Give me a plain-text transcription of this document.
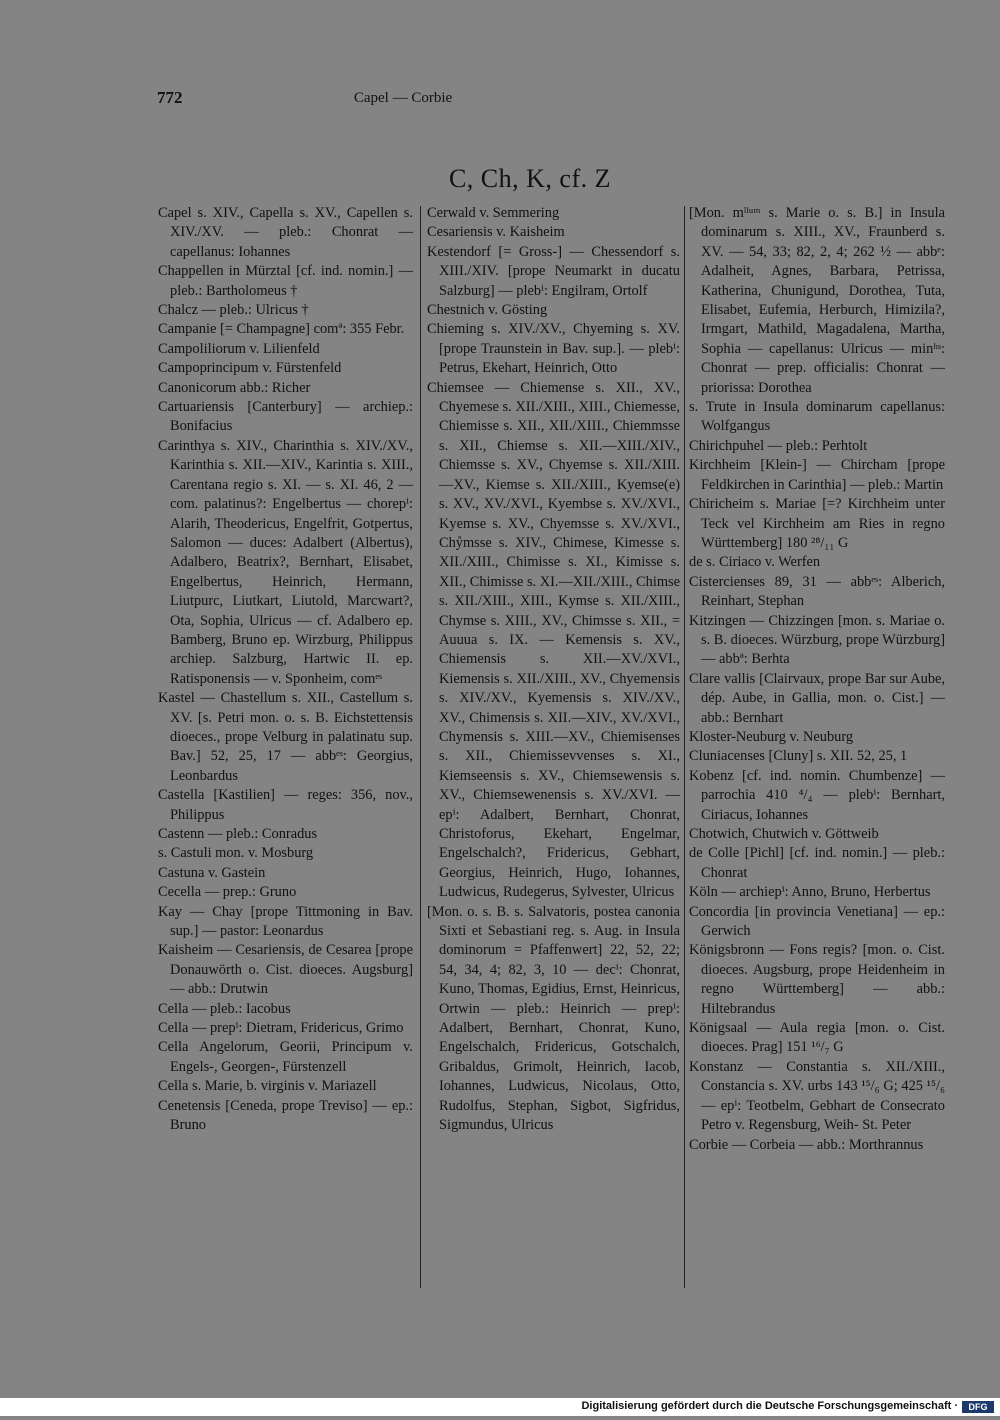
772	Capel — Corbie
C, Ch, K, cf. Z

Capel s. XIV., Capella s. XV., Capellen s. XIV./XV. — pleb.: Chonrat — capellanus: Iohannes

Chappellen in Mürztal [cf. ind. nomin.] — pleb.: Bartholomeus †

Chalcz — pleb.: Ulricus †

Campanie [= Champagne] comª: 355 Febr.

Campoliliorum v. Lilienfeld

Campoprincipum v. Fürstenfeld

Canonicorum abb.: Richer

Cartuariensis [Canterbury] — archiep.: Bonifacius

Carinthya s. XIV., Charinthia s. XIV./XV., Karinthia s. XII.—XIV., Karintia s. XIII., Carentana regio s. XI. — s. XI. 46, 2 — com. palatinus?: Engelbertus — chorepⁱ: Alarih, Theodericus, Engelfrit, Gotpertus, Salomon — duces: Adalbert (Albertus), Adalbero, Beatrix?, Bernhart, Elisabet, Engelbertus, Heinrich, Hermann, Liutpurc, Liutkart, Liutold, Marcwart?, Ota, Sophia, Ulricus — cf. Adalbero ep. Bamberg, Bruno ep. Wirzburg, Philippus archiep. Salzburg, Hartwic II. ep. Ratisponensis — v. Sponheim, comᵉˢ

Kastel — Chastellum s. XII., Castellum s. XV. [s. Petri mon. o. s. B. Eichstettensis dioeces., prope Velburg in palatinatu sup. Bav.] 52, 25, 17 — abbᵉˢ: Georgius, Leonbardus

Castella [Kastilien] — reges: 356, nov., Philippus

Castenn — pleb.: Conradus

s. Castuli mon. v. Mosburg

Castuna v. Gastein

Cecella — prep.: Gruno

Kay — Chay [prope Tittmoning in Bav. sup.] — pastor: Leonardus

Kaisheim — Cesariensis, de Cesarea [prope Donauwörth o. Cist. dioeces. Augsburg] — abb.: Drutwin

Cella — pleb.: Iacobus

Cella — prepⁱ: Dietram, Fridericus, Grimo

Cella Angelorum, Georii, Principum v. Engels-, Georgen-, Fürstenzell

Cella s. Marie, b. virginis v. Mariazell

Cenetensis [Ceneda, prope Treviso] — ep.: Bruno

Cerwald v. Semmering

Cesariensis v. Kaisheim

Kestendorf [= Gross-] — Chessendorf s. XIII./XIV. [prope Neumarkt in ducatu Salzburg] — plebⁱ: Engilram, Ortolf

Chestnich v. Gösting

Chieming s. XIV./XV., Chyeming s. XV. [prope Traunstein in Bav. sup.]. — plebⁱ: Petrus, Ekehart, Heinrich, Otto

Chiemsee — Chiemense s. XII., XV., Chyemese s. XII./XIII., XIII., Chiemesse, Chiemisse s. XII., XII./XIII., Chiemmsse s. XII., Chiemse s. XII.—XIII./XIV., Chiemsse s. XV., Chyemse s. XII./XIII.—XV., Kiemse s. XII./XIII., Kyemse(e) s. XV., XV./XVI., Kyembse s. XV./XVI., Kyemse s. XV., Chyemsse s. XV./XVI., Chẙmsse s. XIV., Chimese, Kimesse s. XII./XIII., Chimisse s. XI., Kimisse s. XII., Chimisse s. XI.—XII./XIII., Chimse s. XII./XIII., XIII., Kymse s. XII./XIII., Chymse s. XIII., XV., Chimsse s. XII., = Auuua s. IX. — Kemensis s. XV., Chiemensis s. XII.—XV./XVI., Kiemensis s. XII./XIII., XV., Chyemensis s. XIV./XV., Kyemensis s. XIV./XV., XV., Chimensis s. XII.—XIV., XV./XVI., Chymensis s. XIII.—XV., Chiemisenses s. XII., Chiemissevvenses s. XI., Kiemseensis s. XV., Chiemsewensis s. XV., Chiemsewenensis s. XV./XVI. — epⁱ: Adalbert, Bernhart, Chonrat, Christoforus, Ekehart, Engelmar, Engelschalch?, Fridericus, Gebhart, Georgius, Heinrich, Hugo, Iohannes, Ludwicus, Rudegerus, Sylvester, Ulricus

[Mon. o. s. B. s. Salvatoris, postea canonia Sixti et Sebastiani reg. s. Aug. in Insula dominorum = Pfaffenwert] 22, 52, 22; 54, 34, 4; 82, 3, 10 — decⁱ: Chonrat, Kuno, Thomas, Egidius, Ernst, Heinricus, Ortwin — pleb.: Heinrich — prepⁱ: Adalbert, Bernhart, Chonrat, Kuno, Engelschalch, Fridericus, Gotschalch, Gribaldus, Grimolt, Heinrich, Iacob, Iohannes, Ludwicus, Nicolaus, Otto, Rudolfus, Stephan, Sigbot, Sigfridus, Sigmundus, Ulricus

[Mon. mˡˡᵘᵐ s. Marie o. s. B.] in Insula dominarum s. XIII., XV., Fraunberd s. XV. — 54, 33; 82, 2, 4; 262 ½ — abbᵉ: Adalheit, Agnes, Barbara, Petrissa, Katherina, Chunigund, Dorothea, Tuta, Elisabet, Eufemia, Herburch, Himizila?, Irmgart, Mathild, Magadalena, Martha, Sophia — capellanus: Ulricus — minʰˢ: Chonrat — prep. officialis: Chonrat — priorissa: Dorothea

s. Trute in Insula dominarum capellanus: Wolfgangus

Chirichpuhel — pleb.: Perhtolt

Kirchheim [Klein-] — Chircham [prope Feldkirchen in Carinthia] — pleb.: Martin

Chiricheim s. Mariae [=? Kirchheim unter Teck vel Kirchheim am Ries in regno Württemberg] 180 ²⁸/₁₁ G

de s. Ciriaco v. Werfen

Cistercienses 89, 31 — abbᵉˢ: Alberich, Reinhart, Stephan

Kitzingen — Chizzingen [mon. s. Mariae o. s. B. dioeces. Würzburg, prope Würzburg] — abbª: Berhta

Clare vallis [Clairvaux, prope Bar sur Aube, dép. Aube, in Gallia, mon. o. Cist.] — abb.: Bernhart

Kloster-Neuburg v. Neuburg

Cluniacenses [Cluny] s. XII. 52, 25, 1

Kobenz [cf. ind. nomin. Chumbenze] — parrochia 410 ⁴/₄ — plebⁱ: Bernhart, Ciriacus, Iohannes

Chotwich, Chutwich v. Göttweib

de Colle [Pichl] [cf. ind. nomin.] — pleb.: Chonrat

Köln — archiepⁱ: Anno, Bruno, Herbertus

Concordia [in provincia Venetiana] — ep.: Gerwich

Königsbronn — Fons regis? [mon. o. Cist. dioeces. Augsburg, prope Heidenheim in regno Württemberg] — abb.: Hiltebrandus

Königsaal — Aula regia [mon. o. Cist. dioeces. Prag] 151 ¹⁶/₇ G

Konstanz — Constantia s. XII./XIII., Constancia s. XV. urbs 143 ¹⁵/₆ G; 425 ¹⁵/₆ — epⁱ: Teotbelm, Gebhart de Consecrato Petro v. Regensburg, Weih- St. Peter

Corbie — Corbeia — abb.: Morthrannus

Digitalisierung gefördert durch die Deutsche Forschungsgemeinschaft ·	DFG
